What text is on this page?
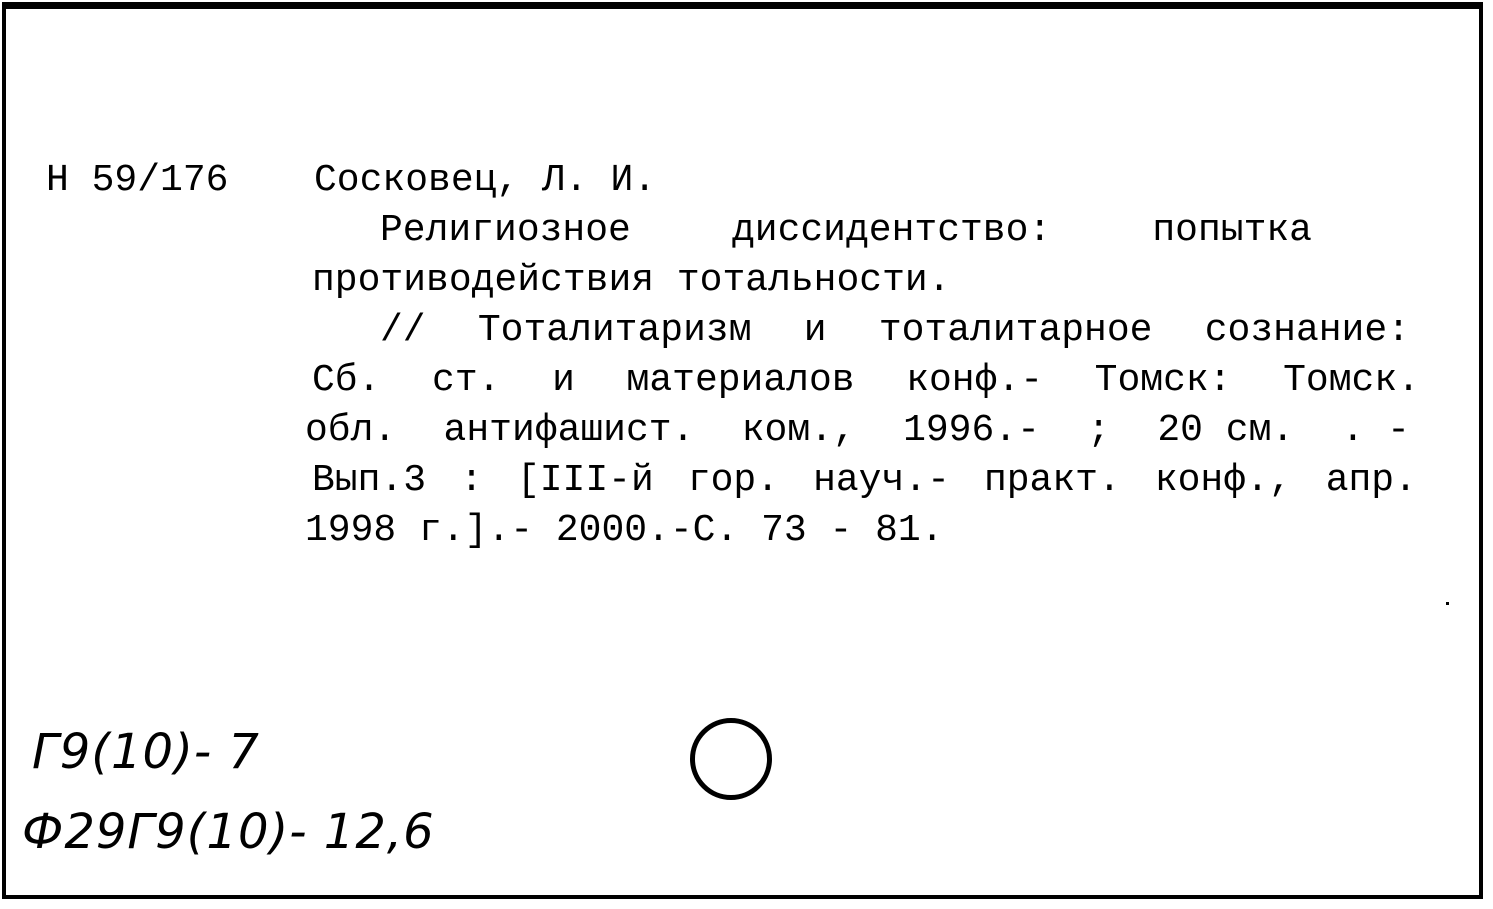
Н 59/176 Сосковец, Л. И.
Религиозное	диссидентство:	попытка
противодействия тотальности.
// Тоталитаризм и тоталитарное сознание:
Сб. ст. и материалов конф.- Томск: Томск.
обл. антифашист. ком., 1996.- ; 20 см. . -
Вып.3 : [III-й гор. науч.- практ. конф., апр.
1998 г.].- 2000.-С. 73 - 81.
Г9(10)- 7
Ф29Г9(10)- 12,6
